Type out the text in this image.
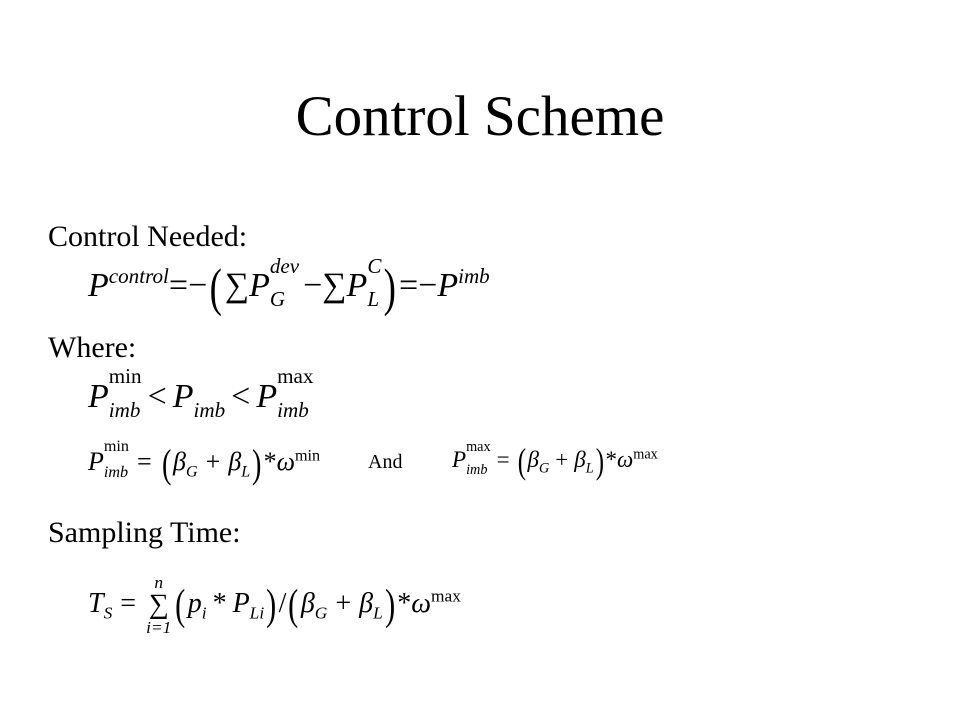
Control Scheme
Control Needed:
P control =−(∑P
dev
G −∑P
C
L )=−P imb
Where:
P
min
imb < P
imb < P
max
imb
P
min
imb = $(\beta_G + \beta_L)*\omega^{min}$ And P
max
imb = $(\beta_G + \beta_L)*\omega^{max}$
Sampling Time:
$T_S$ =
n
∑
i=1 $(p_i * P_{Li})/(\beta_G + \beta_L)*\omega^{max}$
